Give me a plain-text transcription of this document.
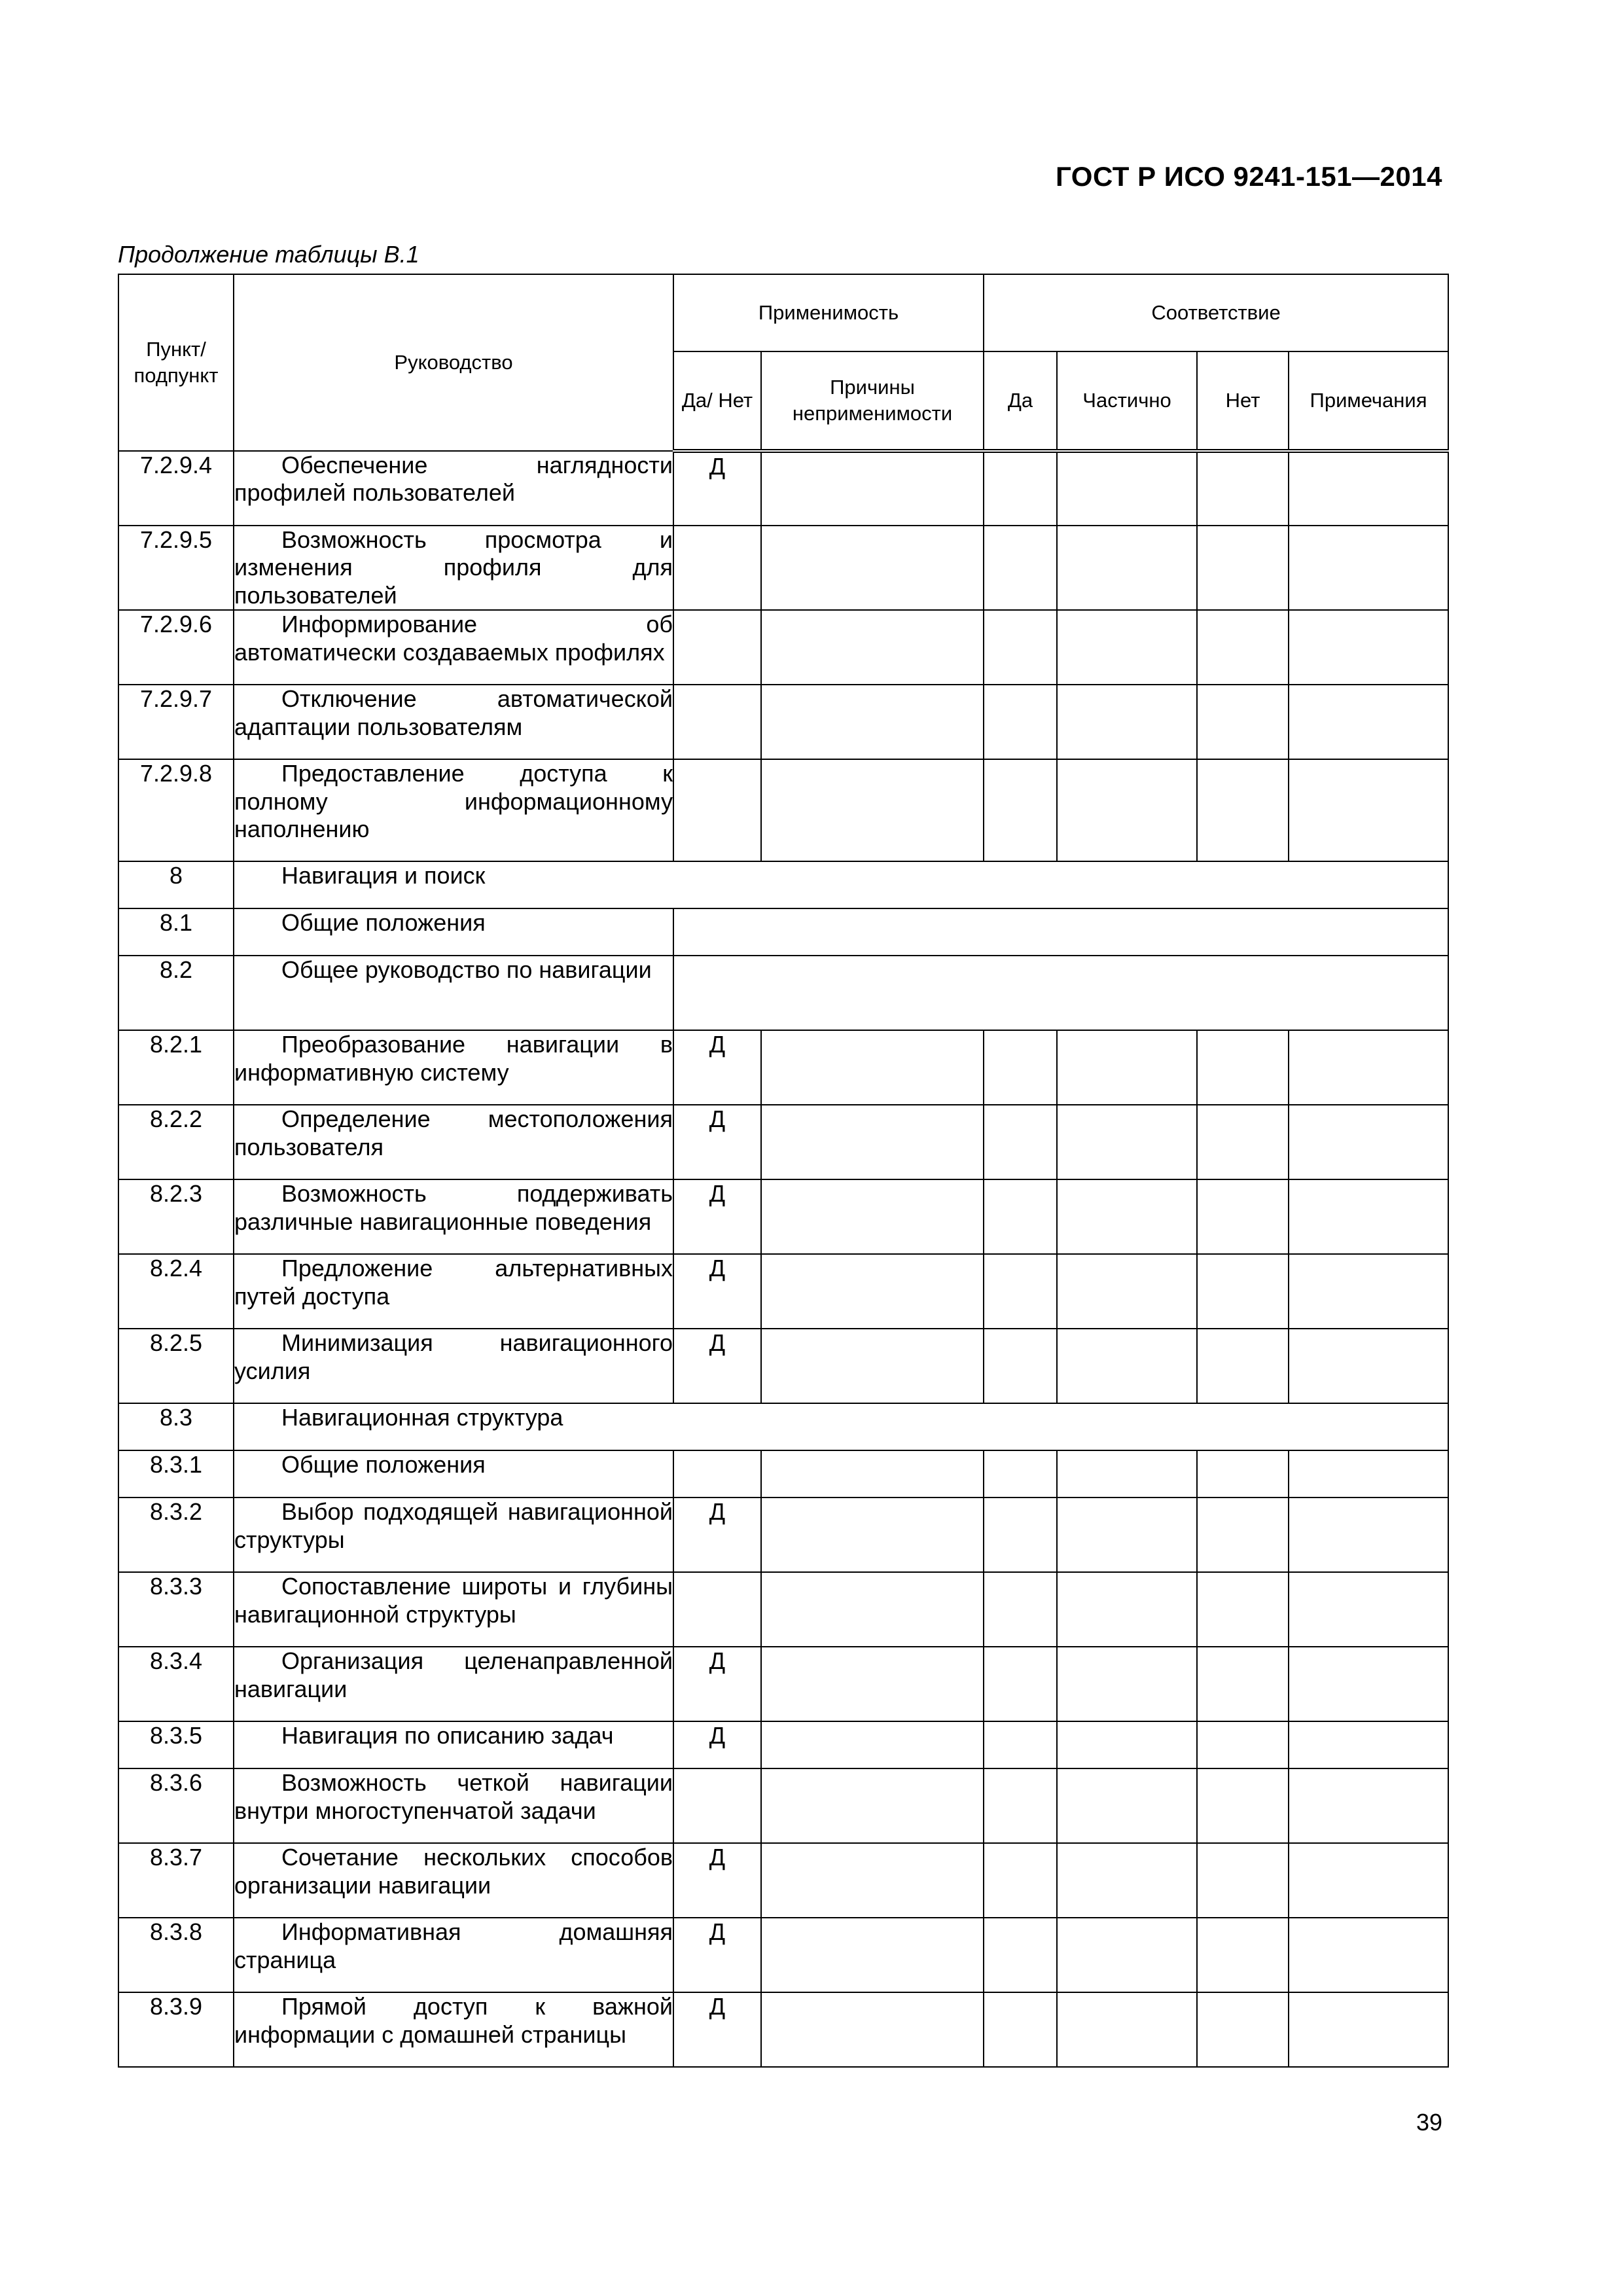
ГОСТ Р ИСО 9241-151—2014
Продолжение таблицы В.1
Пункт/ подпункт	Руководство	Применимость		Соответствие			
		Да/ Нет	Причины неприменимости	Да	Частично	Нет	Примечания
7.2.9.4	Обеспечение наглядности профилей пользователей	Д					
7.2.9.5	Возможность просмотра и изменения профиля для пользователей						

7.2.9.6	Информирование об автоматически создаваемых профилях						

7.2.9.7	Отключение автоматической адаптации пользователям						

7.2.9.8	Предоставление доступа к полному информационному наполнению						

8	Навигация и поиск						

8.1	Общие положения						

8.2	Общее руководство по навигации						

8.2.1	Преобразование навигации в информативную систему	Д					
8.2.2	Определение местоположения пользователя	Д					
8.2.3	Возможность поддерживать различные навигационные поведения	Д					
8.2.4	Предложение альтернативных путей доступа	Д					
8.2.5	Минимизация навигационного усилия	Д					
8.3	Навигационная структура						

8.3.1	Общие положения						

8.3.2	Выбор подходящей навигационной структуры	Д					
8.3.3	Сопоставление широты и глубины навигационной структуры						

8.3.4	Организация целенаправленной навигации	Д					
8.3.5	Навигация по описанию задач	Д					
8.3.6	Возможность четкой навигации внутри многоступенчатой задачи						

8.3.7	Сочетание нескольких способов организации навигации	Д					
8.3.8	Информативная домашняя страница	Д					
8.3.9	Прямой доступ к важной информации с домашней страницы	Д					
39
